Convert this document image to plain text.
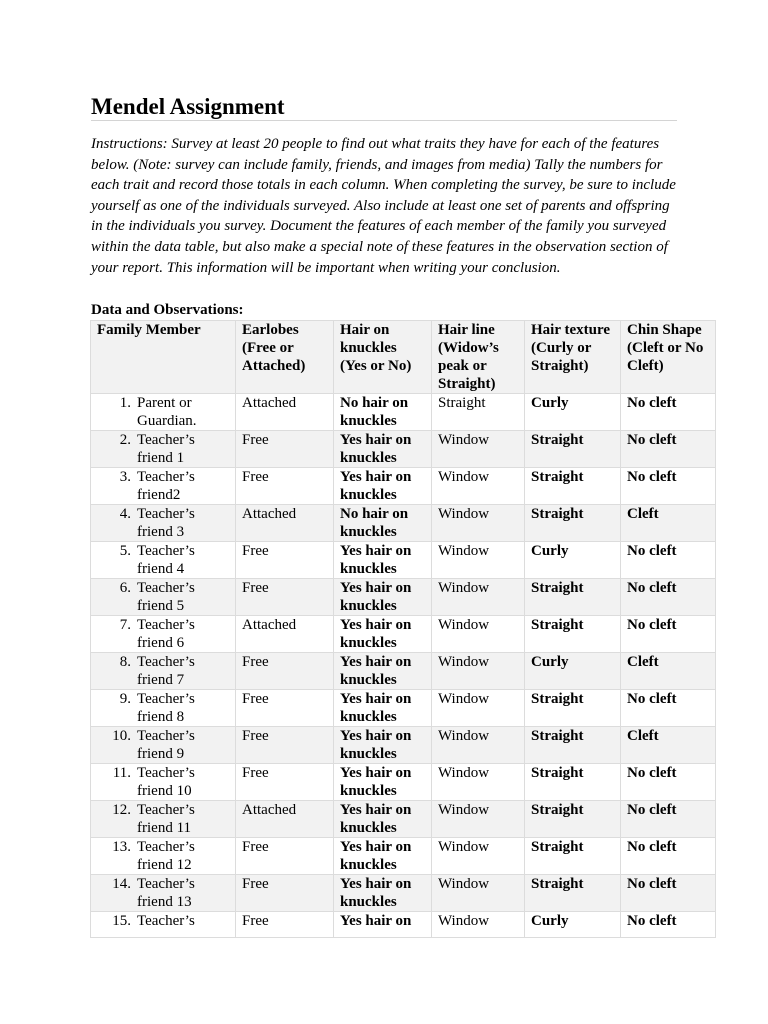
Mendel Assignment

Instructions: Survey at least 20 people to find out what traits they have for each of the features below. (Note: survey can include family, friends, and images from media) Tally the numbers for each trait and record those totals in each column. When completing the survey, be sure to include yourself as one of the individuals surveyed. Also include at least one set of parents and offspring in the individuals you survey. Document the features of each member of the family you surveyed within the data table, but also make a special note of these features in the observation section of your report. This information will be important when writing your conclusion.

Data and Observations:
Family Member	Earlobes (Free or Attached)	Hair on knuckles (Yes or No)	Hair line (Widow’s peak or Straight)	Hair texture (Curly or Straight)	Chin Shape (Cleft or No Cleft)

1. Parent or Guardian.	Attached	No hair on knuckles	Straight	Curly	No cleft

2. Teacher’s friend 1	Free	Yes hair on knuckles	Window	Straight	No cleft

3. Teacher’s friend2	Free	Yes hair on knuckles	Window	Straight	No cleft

4. Teacher’s friend 3	Attached	No hair on knuckles	Window	Straight	Cleft

5. Teacher’s friend 4	Free	Yes hair on knuckles	Window	Curly	No cleft

6. Teacher’s friend 5	Free	Yes hair on knuckles	Window	Straight	No cleft

7. Teacher’s friend 6	Attached	Yes hair on knuckles	Window	Straight	No cleft

8. Teacher’s friend 7	Free	Yes hair on knuckles	Window	Curly	Cleft

9. Teacher’s friend 8	Free	Yes hair on knuckles	Window	Straight	No cleft

10. Teacher’s friend 9	Free	Yes hair on knuckles	Window	Straight	Cleft

11. Teacher’s friend 10	Free	Yes hair on knuckles	Window	Straight	No cleft

12. Teacher’s friend 11	Attached	Yes hair on knuckles	Window	Straight	No cleft

13. Teacher’s friend 12	Free	Yes hair on knuckles	Window	Straight	No cleft

14. Teacher’s friend 13	Free	Yes hair on knuckles	Window	Straight	No cleft

15. Teacher’s	Free	Yes hair on	Window	Curly	No cleft
